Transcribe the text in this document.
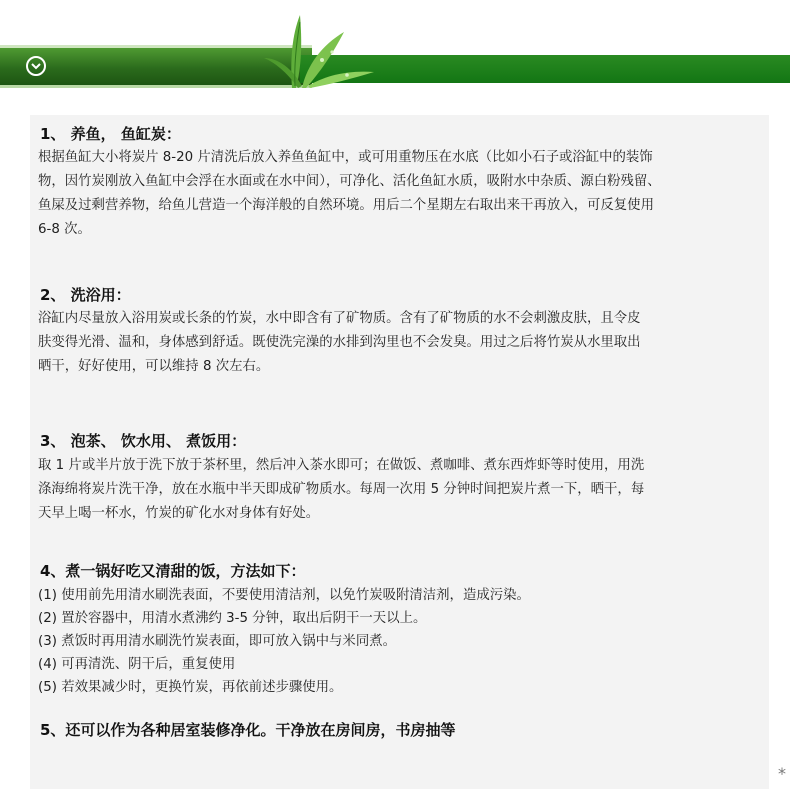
1、 养鱼， 鱼缸炭：
根据鱼缸大小将炭片 8-20 片清洗后放入养鱼鱼缸中，或可用重物压在水底（比如小石子或浴缸中的装饰
物，因竹炭刚放入鱼缸中会浮在水面或在水中间），可净化、活化鱼缸水质，吸附水中杂质、源白粉残留、
鱼屎及过剩营养物，给鱼儿营造一个海洋般的自然环境。用后二个星期左右取出来干再放入，可反复使用
6-8 次。
2、 洗浴用：
浴缸内尽量放入浴用炭或长条的竹炭，水中即含有了矿物质。含有了矿物质的水不会刺激皮肤，且令皮
肤变得光滑、温和，身体感到舒适。既使洗完澡的水排到沟里也不会发臭。用过之后将竹炭从水里取出
晒干，好好使用，可以维持 8 次左右。
3、 泡茶、 饮水用、 煮饭用：
取 1 片或半片放于洗下放于茶杯里，然后冲入茶水即可；在做饭、煮咖啡、煮东西炸虾等时使用，用洗
涤海绵将炭片洗干净，放在水瓶中半天即成矿物质水。每周一次用 5 分钟时间把炭片煮一下，晒干，每
天早上喝一杯水，竹炭的矿化水对身体有好处。
4、煮一锅好吃又清甜的饭，方法如下：
(1) 使用前先用清水刷洗表面，不要使用清洁剂，以免竹炭吸附清洁剂，造成污染。
(2) 置於容器中，用清水煮沸约 3-5 分钟，取出后阴干一天以上。
(3) 煮饭时再用清水刷洗竹炭表面，即可放入锅中与米同煮。
(4) 可再清洗、阴干后，重复使用
(5) 若效果减少时，更换竹炭，再依前述步骤使用。
5、还可以作为各种居室装修净化。干净放在房间房，书房抽等
*
